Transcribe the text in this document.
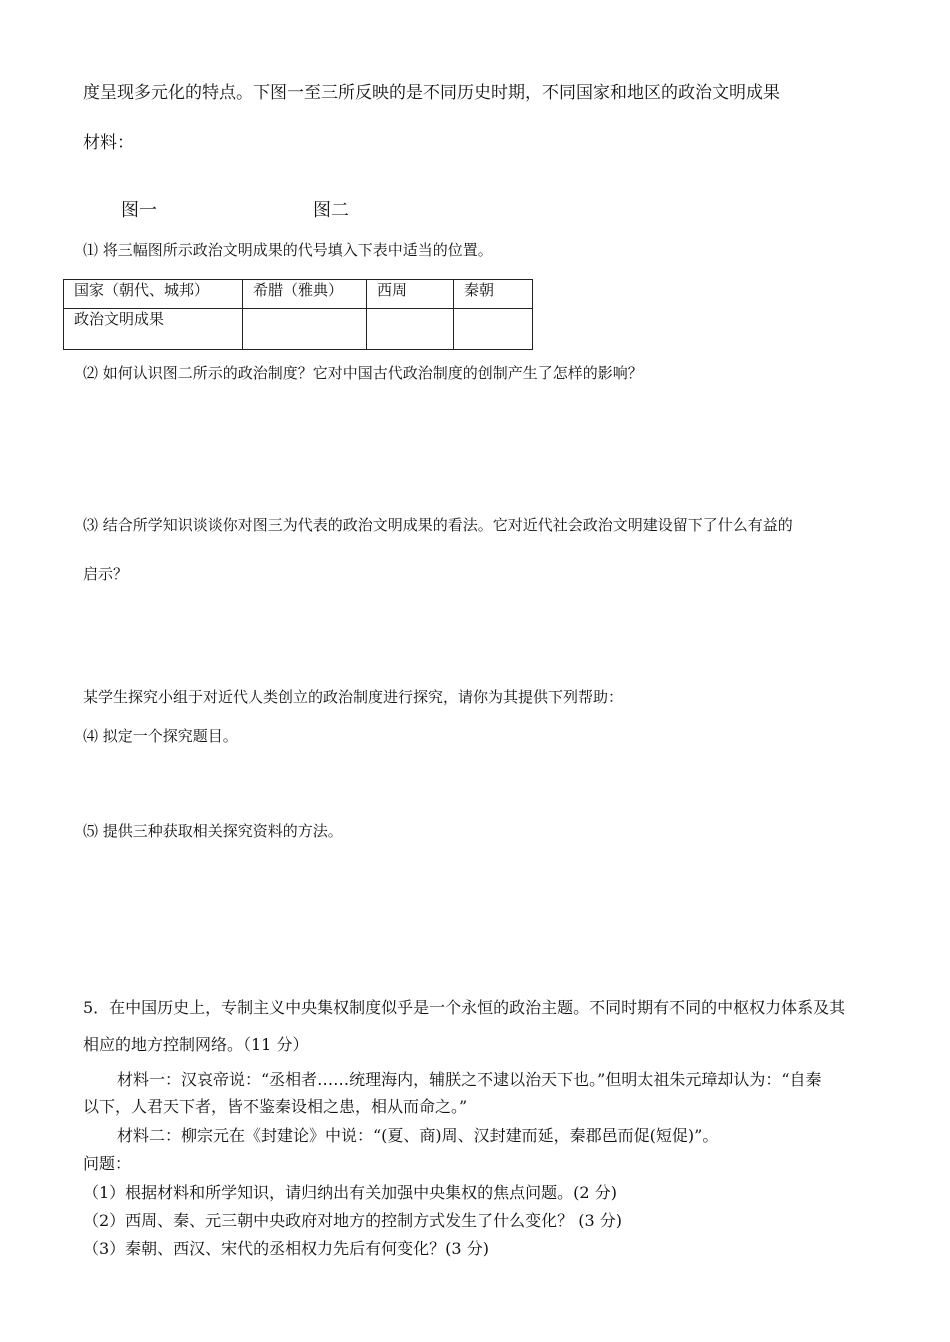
度呈现多元化的特点。下图一至三所反映的是不同历史时期，不同国家和地区的政治文明成果
材料：
图一	图二
⑴ 将三幅图所示政治文明成果的代号填入下表中适当的位置。
国家（朝代、城邦）	希腊（雅典）	西周	秦朝
政治文明成果			
⑵ 如何认识图二所示的政治制度？它对中国古代政治制度的创制产生了怎样的影响？
⑶ 结合所学知识谈谈你对图三为代表的政治文明成果的看法。它对近代社会政治文明建设留下了什么有益的
启示？
某学生探究小组于对近代人类创立的政治制度进行探究，请你为其提供下列帮助：
⑷ 拟定一个探究题目。
⑸ 提供三种获取相关探究资料的方法。
5．在中国历史上，专制主义中央集权制度似乎是一个永恒的政治主题。不同时期有不同的中枢权力体系及其
相应的地方控制网络。（11 分）
材料一：汉哀帝说：“丞相者……统理海内，辅朕之不逮以治天下也。”但明太祖朱元璋却认为：“自秦
以下，人君天下者，皆不鉴秦设相之患，相从而命之。”
材料二：柳宗元在《封建论》中说：“(夏、商)周、汉封建而延，秦郡邑而促(短促)”。
问题：
（1）根据材料和所学知识，请归纳出有关加强中央集权的焦点问题。(2 分)
（2）西周、秦、元三朝中央政府对地方的控制方式发生了什么变化？ (3 分)
（3）秦朝、西汉、宋代的丞相权力先后有何变化？(3 分)
